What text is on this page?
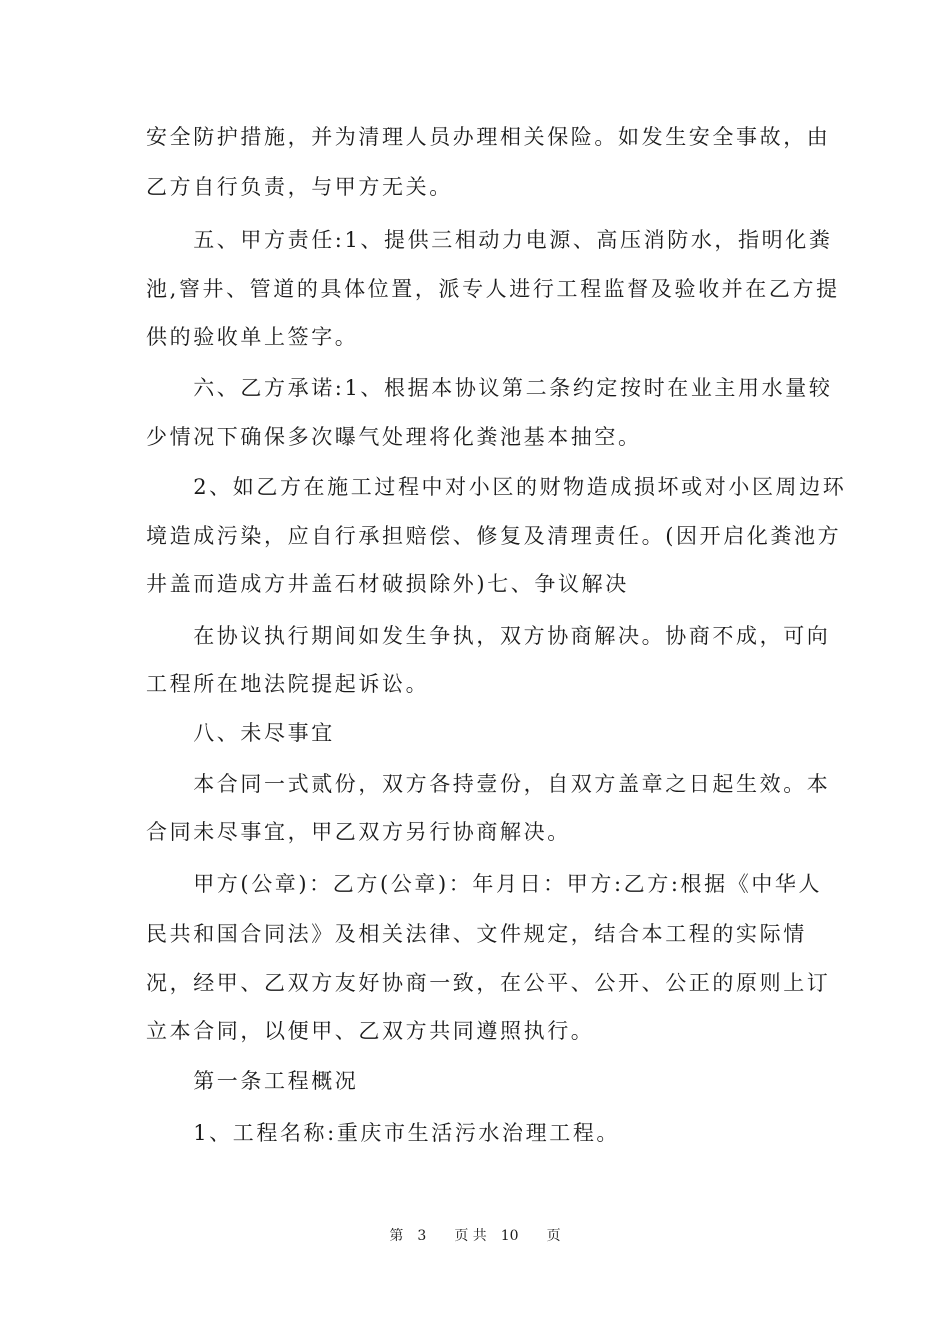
安全防护措施，并为清理人员办理相关保险。如发生安全事故，由
乙方自行负责，与甲方无关。
　　五、甲方责任:1、提供三相动力电源、高压消防水，指明化粪
池,窨井、管道的具体位置，派专人进行工程监督及验收并在乙方提
供的验收单上签字。
　　六、乙方承诺:1、根据本协议第二条约定按时在业主用水量较
少情况下确保多次曝气处理将化粪池基本抽空。
　　2、如乙方在施工过程中对小区的财物造成损坏或对小区周边环
境造成污染，应自行承担赔偿、修复及清理责任。(因开启化粪池方
井盖而造成方井盖石材破损除外)七、争议解决
　　在协议执行期间如发生争执，双方协商解决。协商不成，可向
工程所在地法院提起诉讼。
　　八、未尽事宜
　　本合同一式贰份，双方各持壹份，自双方盖章之日起生效。本
合同未尽事宜，甲乙双方另行协商解决。
　　甲方(公章)：乙方(公章)：年月日：甲方:乙方:根据《中华人
民共和国合同法》及相关法律、文件规定，结合本工程的实际情
况，经甲、乙双方友好协商一致，在公平、公开、公正的原则上订
立本合同，以便甲、乙双方共同遵照执行。
　　第一条工程概况
　　1、工程名称:重庆市生活污水治理工程。
第　3　　页 共　10　　页
